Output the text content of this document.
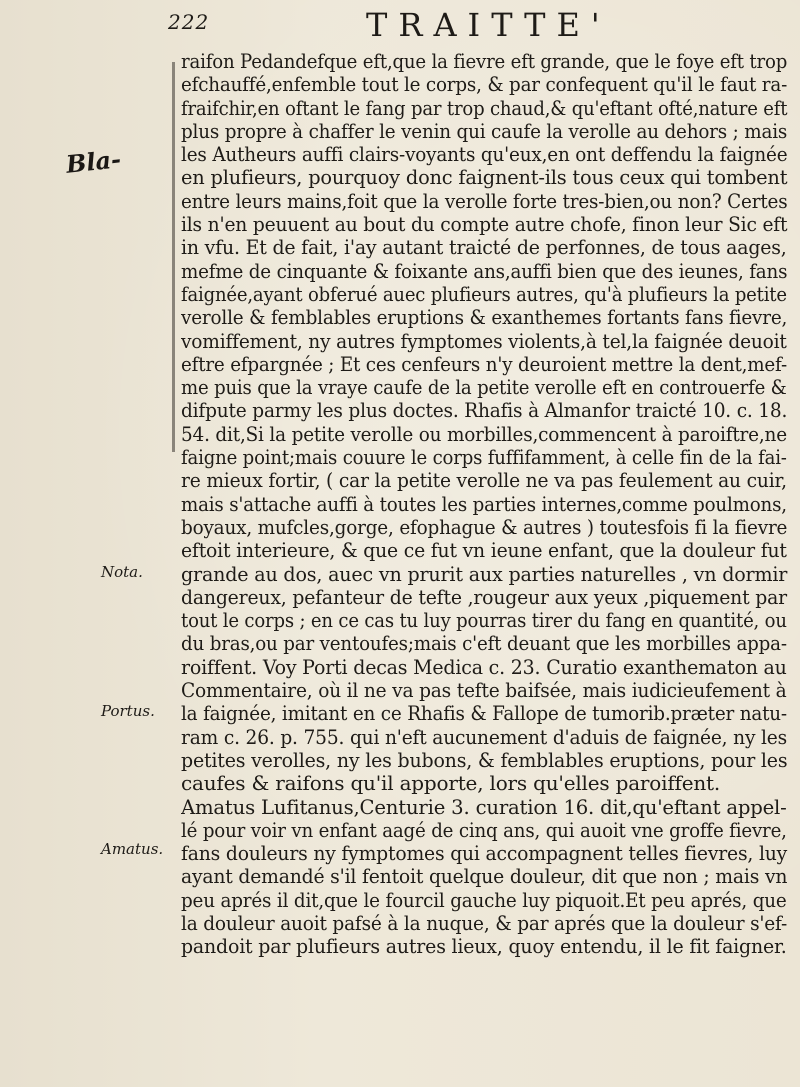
222	TRAITTE'
Bla-
Nota.
Portus.
Amatus.
raifon Pedandefque eft,que la fievre eft grande, que le foye eft trop
efchauffé,enfemble tout le corps, & par confequent qu'il le faut ra-
fraifchir,en oftant le fang par trop chaud,& qu'eftant ofté,nature eft
plus propre à chaffer le venin qui caufe la verolle au dehors ; mais
les Autheurs auffi clairs-voyants qu'eux,en ont deffendu la faignée
en plufieurs, pourquoy donc faignent-ils tous ceux qui tombent
entre leurs mains,foit que la verolle forte tres-bien,ou non? Certes
ils n'en peuuent au bout du compte autre chofe, finon leur Sic eft
in vfu. Et de fait, i'ay autant traicté de perfonnes, de tous aages,
mefme de cinquante & foixante ans,auffi bien que des ieunes, fans
faignée,ayant obferué auec plufieurs autres, qu'à plufieurs la petite
verolle & femblables eruptions & exanthemes fortants fans fievre,
vomiffement, ny autres fymptomes violents,à tel,la faignée deuoit
eftre efpargnée ; Et ces cenfeurs n'y deuroient mettre la dent,mef-
me puis que la vraye caufe de la petite verolle eft en controuerfe &
difpute parmy les plus doctes. Rhafis à Almanfor traicté 10. c. 18.
54. dit,Si la petite verolle ou morbilles,commencent à paroiftre,ne
faigne point;mais couure le corps fuffifamment, à celle fin de la fai-
re mieux fortir, ( car la petite verolle ne va pas feulement au cuir,
mais s'attache auffi à toutes les parties internes,comme poulmons,
boyaux, mufcles,gorge, efophague & autres ) toutesfois fi la fievre
eftoit interieure, & que ce fut vn ieune enfant, que la douleur fut
grande au dos, auec vn prurit aux parties naturelles , vn dormir
dangereux, pefanteur de tefte ,rougeur aux yeux ,piquement par
tout le corps ; en ce cas tu luy pourras tirer du fang en quantité, ou
du bras,ou par ventoufes;mais c'eft deuant que les morbilles appa-
roiffent. Voy Porti decas Medica c. 23. Curatio exanthematon au
Commentaire, où il ne va pas tefte baifsée, mais iudicieufement à
la faignée, imitant en ce Rhafis & Fallope de tumorib.præter natu-
ram c. 26. p. 755. qui n'eft aucunement d'aduis de faignée, ny les
petites verolles, ny les bubons, & femblables eruptions, pour les
caufes & raifons qu'il apporte, lors qu'elles paroiffent.
Amatus Lufitanus,Centurie 3. curation 16. dit,qu'eftant appel-
lé pour voir vn enfant aagé de cinq ans, qui auoit vne groffe fievre,
fans douleurs ny fymptomes qui accompagnent telles fievres, luy
ayant demandé s'il fentoit quelque douleur, dit que non ; mais vn
peu aprés il dit,que le fourcil gauche luy piquoit.Et peu aprés, que
la douleur auoit pafsé à la nuque, & par aprés que la douleur s'ef-
pandoit par plufieurs autres lieux, quoy entendu, il le fit faigner.
